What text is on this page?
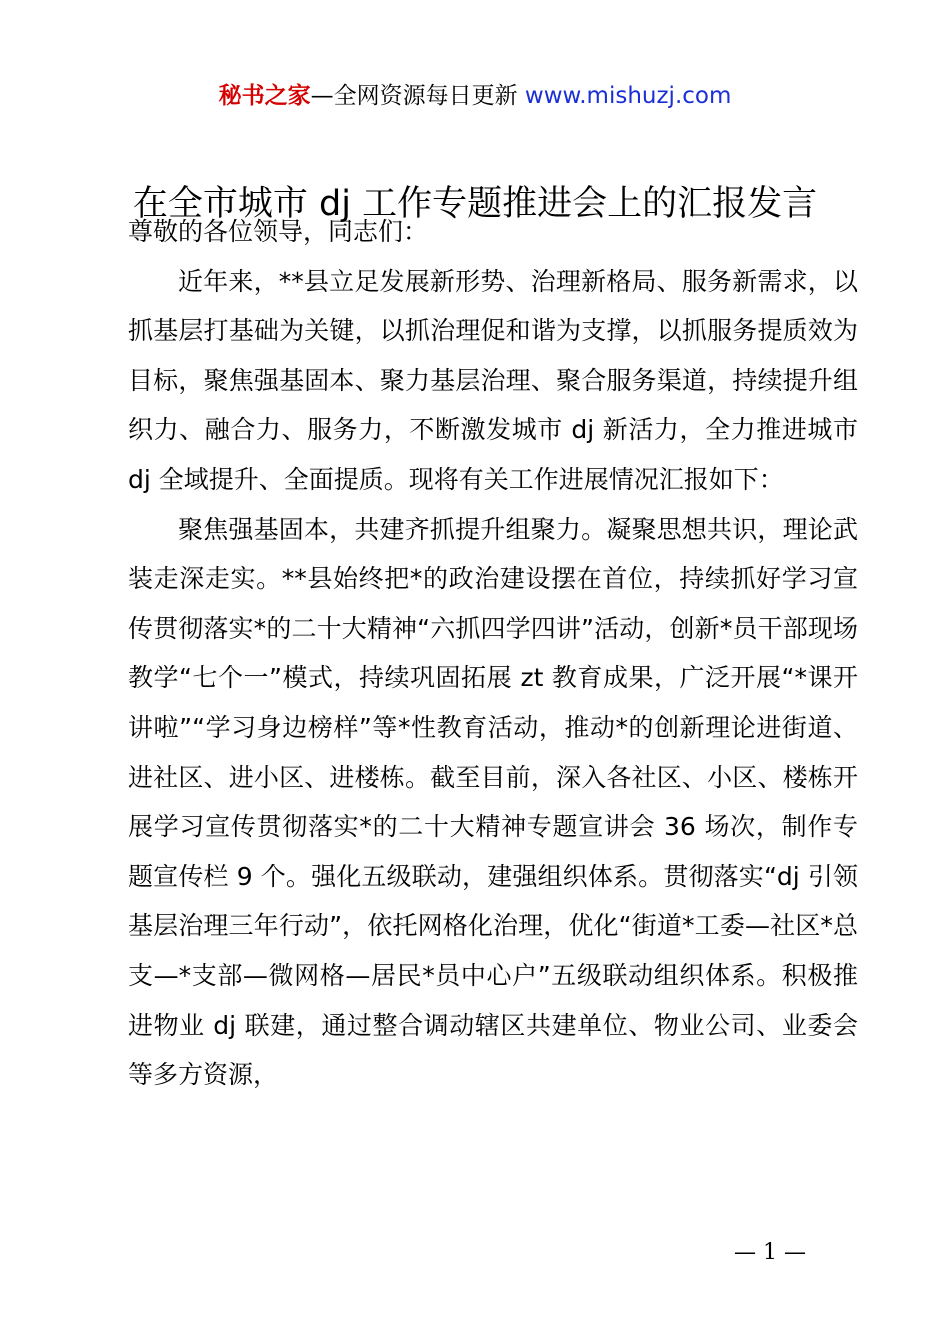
秘书之家—全网资源每日更新 www.mishuzj.com
在全市城市 dj 工作专题推进会上的汇报发言

尊敬的各位领导，同志们：

近年来，**县立足发展新形势、治理新格局、服务新需求，以抓基层打基础为关键，以抓治理促和谐为支撑，以抓服务提质效为目标，聚焦强基固本、聚力基层治理、聚合服务渠道，持续提升组织力、融合力、服务力，不断激发城市 dj 新活力，全力推进城市 dj 全域提升、全面提质。现将有关工作进展情况汇报如下：

聚焦强基固本，共建齐抓提升组聚力。凝聚思想共识，理论武装走深走实。**县始终把*的政治建设摆在首位，持续抓好学习宣传贯彻落实*的二十大精神“六抓四学四讲”活动，创新*员干部现场教学“七个一”模式，持续巩固拓展 zt 教育成果，广泛开展“*课开讲啦”“学习身边榜样”等*性教育活动，推动*的创新理论进街道、进社区、进小区、进楼栋。截至目前，深入各社区、小区、楼栋开展学习宣传贯彻落实*的二十大精神专题宣讲会 36 场次，制作专题宣传栏 9 个。强化五级联动，建强组织体系。贯彻落实“dj 引领基层治理三年行动”，依托网格化治理，优化“街道*工委—社区*总支—*支部—微网格—居民*员中心户”五级联动组织体系。积极推进物业 dj 联建，通过整合调动辖区共建单位、物业公司、业委会等多方资源，

— 1 —
